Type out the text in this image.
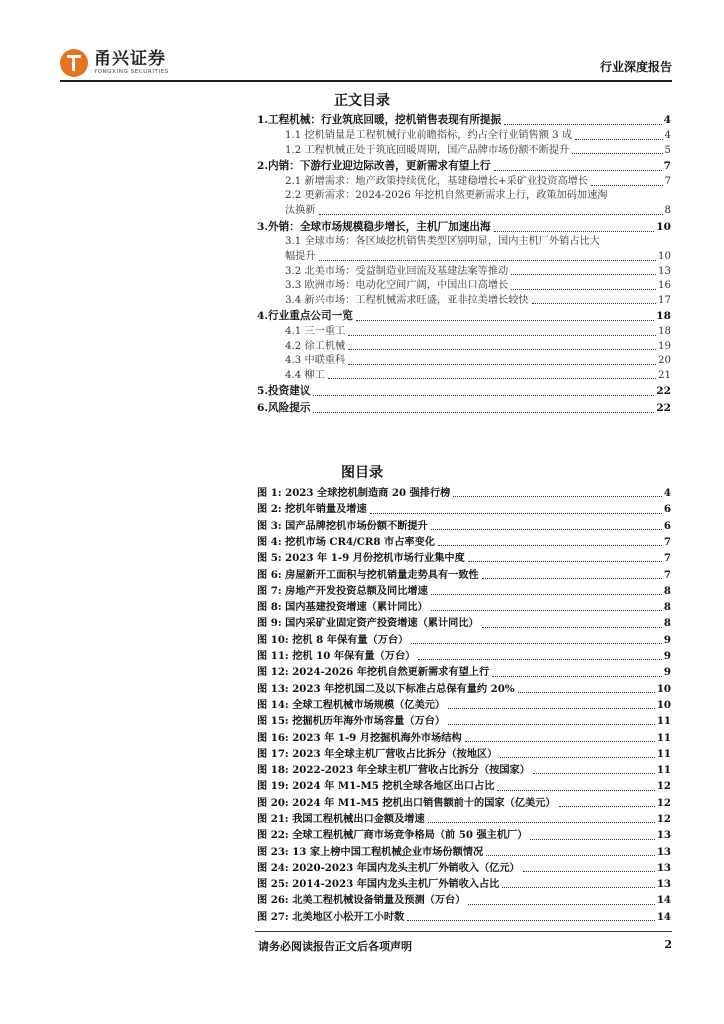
甬兴证券
YONGXING SECURITIES	行业深度报告
正文目录
1.工程机械：行业筑底回暖，挖机销售表现有所提振	4
1.1 挖机销量是工程机械行业前瞻指标，约占全行业销售额 3 成	4
1.2 工程机械正处于筑底回暖周期，国产品牌市场份额不断提升	5
2.内销：下游行业迎边际改善，更新需求有望上行	7
2.1 新增需求：地产政策持续优化，基建稳增长+采矿业投资高增长	7
2.2 更新需求：2024-2026 年挖机自然更新需求上行，政策加码加速淘
汰换新	8
3.外销：全球市场规模稳步增长，主机厂加速出海	10
3.1 全球市场：各区域挖机销售类型区别明显，国内主机厂外销占比大
幅提升	10
3.2 北美市场：受益制造业回流及基建法案等推动	13
3.3 欧洲市场：电动化空间广阔，中国出口高增长	16
3.4 新兴市场：工程机械需求旺盛，亚非拉美增长较快	17
4.行业重点公司一览	18
4.1 三一重工	18
4.2 徐工机械	19
4.3 中联重科	20
4.4 柳工	21
5.投资建议	22
6.风险提示	22
图目录
图 1: 2023 全球挖机制造商 20 强排行榜	4
图 2: 挖机年销量及增速	6
图 3: 国产品牌挖机市场份额不断提升	6
图 4: 挖机市场 CR4/CR8 市占率变化	7
图 5: 2023 年 1-9 月份挖机市场行业集中度	7
图 6: 房屋新开工面积与挖机销量走势具有一致性	7
图 7: 房地产开发投资总额及同比增速	8
图 8: 国内基建投资增速（累计同比）	8
图 9: 国内采矿业固定资产投资增速（累计同比）	8
图 10: 挖机 8 年保有量（万台）	9
图 11: 挖机 10 年保有量（万台）	9
图 12: 2024-2026 年挖机自然更新需求有望上行	9
图 13: 2023 年挖机国二及以下标准占总保有量约 20%	10
图 14: 全球工程机械市场规模（亿美元）	10
图 15: 挖掘机历年海外市场容量（万台）	11
图 16: 2023 年 1-9 月挖掘机海外市场结构	11
图 17: 2023 年全球主机厂营收占比拆分（按地区）	11
图 18: 2022-2023 年全球主机厂营收占比拆分（按国家）	11
图 19: 2024 年 M1-M5 挖机全球各地区出口占比	12
图 20: 2024 年 M1-M5 挖机出口销售额前十的国家（亿美元）	12
图 21: 我国工程机械出口金额及增速	12
图 22: 全球工程机械厂商市场竞争格局（前 50 强主机厂）	13
图 23: 13 家上榜中国工程机械企业市场份额情况	13
图 24: 2020-2023 年国内龙头主机厂外销收入（亿元）	13
图 25: 2014-2023 年国内龙头主机厂外销收入占比	13
图 26: 北美工程机械设备销量及预测（万台）	14
图 27: 北美地区小松开工小时数	14
请务必阅读报告正文后各项声明	2
